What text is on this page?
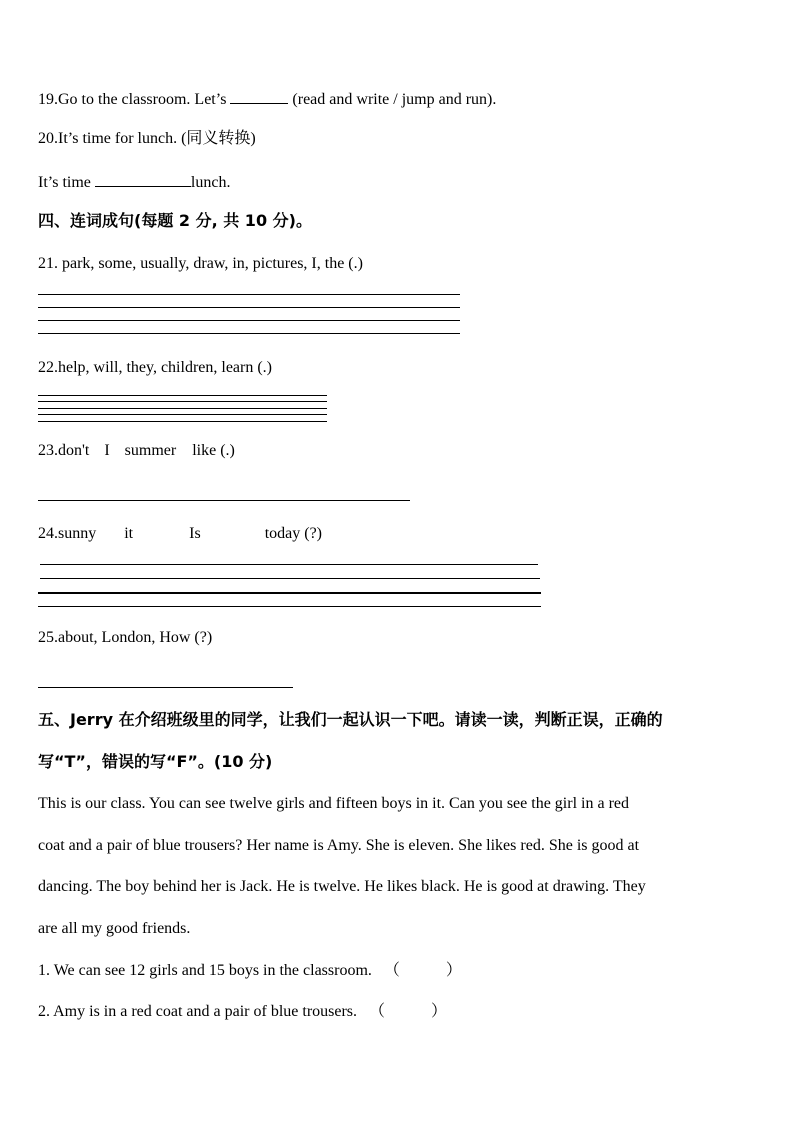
19.Go to the classroom. Let’s	(read and write / jump and run).
20.It’s time for lunch. (同义转换)
It’s time	lunch.
四、连词成句(每题 2 分, 共 10 分)。
21. park, some, usually, draw, in, pictures, I, the (.)
22.help, will, they, children, learn (.)
23.don't I summer like (.)
24.sunny it	Is	today (?)
25.about, London, How (?)
五、Jerry 在介绍班级里的同学，让我们一起认识一下吧。请读一读，判断正误，正确的
写“T”，错误的写“F”。(10 分)
This is our class. You can see twelve girls and fifteen boys in it. Can you see the girl in a red
coat and a pair of blue trousers? Her name is Amy. She is eleven. She likes red. She is good at
dancing. The boy behind her is Jack. He is twelve. He likes black. He is good at drawing. They
are all my good friends.
1. We can see 12 girls and 15 boys in the classroom. （	）
2. Amy is in a red coat and a pair of blue trousers. （	）
